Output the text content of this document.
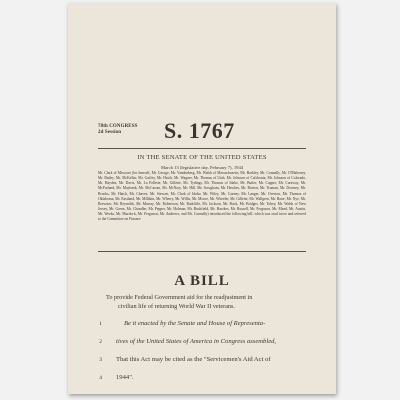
78th CONGRESS
2d Session	S. 1767
IN THE SENATE OF THE UNITED STATES
March 13 (legislative day, February 7), 1944
Mr. Clark of Missouri (for himself, Mr. George, Mr. Vandenberg, Mr. Walsh of Massachusetts, Mr. Barkley, Mr. Connally, Mr. O'Mahoney, Mr. Bailey, Mr. McKellar, Mr. Guffey, Mr. Hatch, Mr. Wagner, Mr. Thomas of Utah, Mr. Johnson of California, Mr. Johnson of Colorado, Mr. Hayden, Mr. Davis, Mr. La Follette, Mr. Gillette, Mr. Tydings, Mr. Thomas of Idaho, Mr. Butler, Mr. Capper, Mr. Caraway, Mr. McFarland, Mr. Maybank, Mr. McCarran, Mr. McNary, Mr. Hill, Mr. Scrugham, Mr. Hawkes, Mr. Burton, Mr. Truman, Mr. Downey, Mr. Brooks, Mr. Hatch, Mr. Chavez, Mr. Stewart, Mr. Clark of Idaho, Mr. Wiley, Mr. Gurney, Mr. Langer, Mr. Overton, Mr. Thomas of Oklahoma, Mr. Eastland, Mr. Millikin, Mr. Wherry, Mr. Willis, Mr. Moore, Mr. Wheeler, Mr. Gillette, Mr. Wallgren, Mr. Bone, Mr. Nye, Mr. Brewster, Mr. Reynolds, Mr. Murray, Mr. Robertson, Mr. Radcliffe, Mr. Jackson, Mr. Buck, Mr. Bridges, Mr. Tobey, Mr. Walsh of New Jersey, Mr. Green, Mr. Chandler, Mr. Pepper, Mr. Holman, Mr. Bushfield, Mr. Hawkes, Mr. Russell, Mr. Ferguson, Mr. Mead, Mr. Austin, Mr. Weeks, Mr. Murdock, Mr. Ferguson, Mr. Andrews, and Mr. Connally) introduced the following bill; which was read twice and referred to the Committee on Finance
A BILL
To provide Federal Government aid for the readjustment in
civilian life of returning World War II veterans.
1	Be it enacted by the Senate and House of Representa-
2 tives of the United States of America in Congress assembled,
3 That this Act may be cited as the "Servicemen's Aid Act of
4 1944".
